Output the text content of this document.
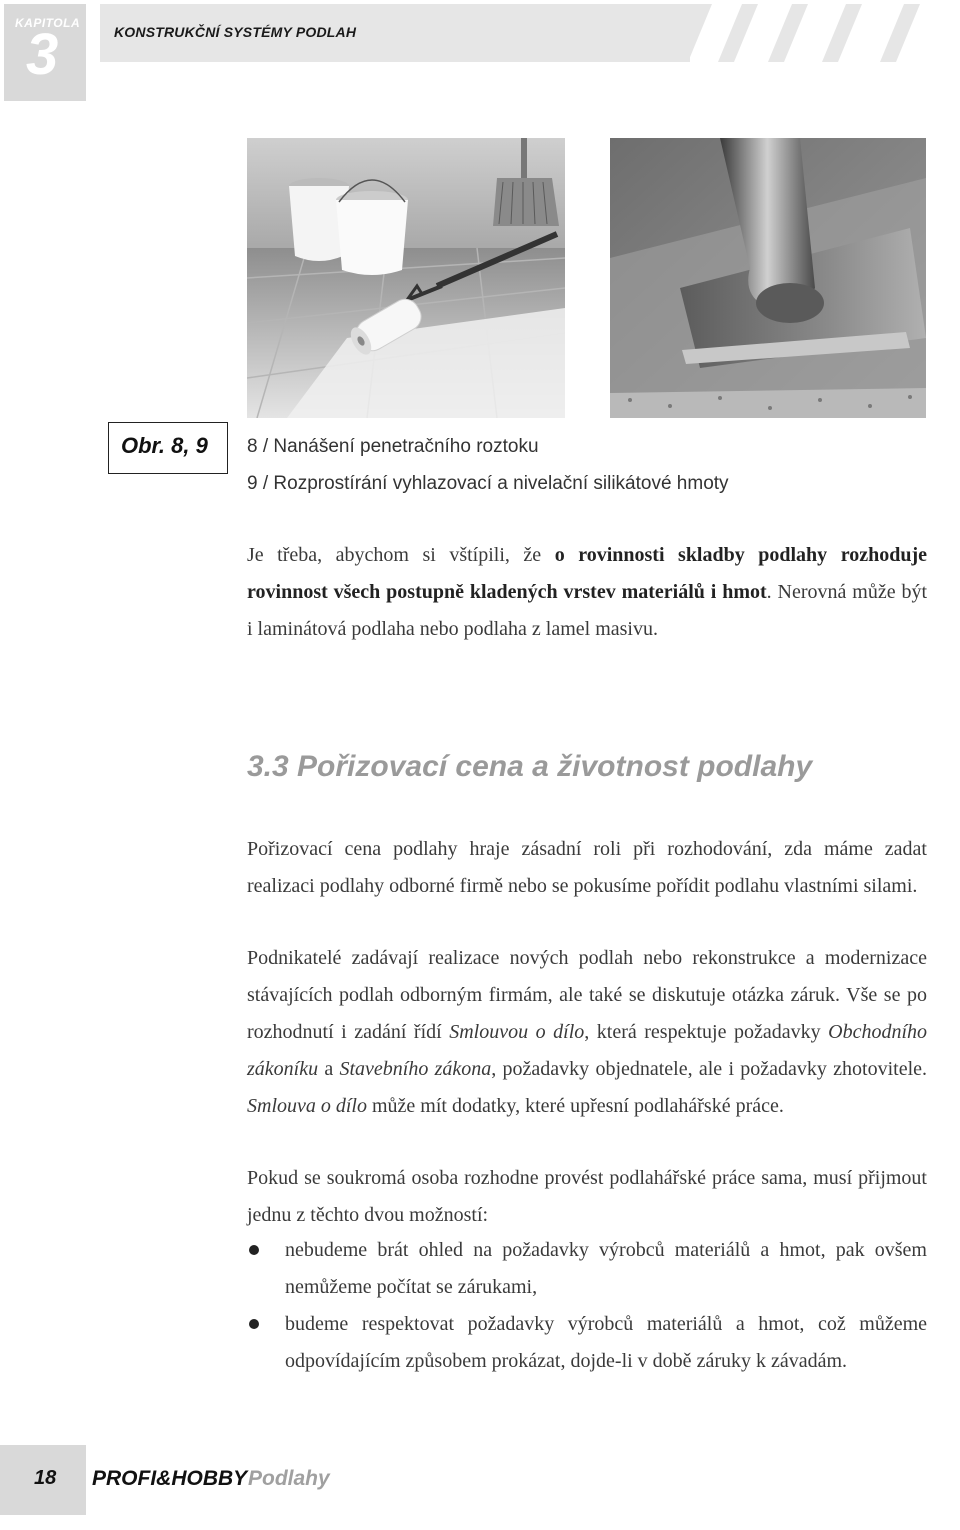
KAPITOLA
3	KONSTRUKČNÍ SYSTÉMY PODLAH
Obr. 8, 9 8 / Nanášení penetračního roztoku
9 / Rozprostírání vyhlazovací a nivelační silikátové hmoty

Je třeba, abychom si vštípili, že o rovinnosti skladby podlahy rozhoduje rovinnost všech postupně kladených vrstev materiálů i hmot. Nerovná může být i laminátová podlaha nebo podlaha z lamel masivu.

3.3 Pořizovací cena a životnost podlahy

Pořizovací cena podlahy hraje zásadní roli při rozhodování, zda máme zadat realizaci podlahy odborné firmě nebo se pokusíme pořídit podlahu vlastními silami.

Podnikatelé zadávají realizace nových podlah nebo rekonstrukce a modernizace stávajících podlah odborným firmám, ale také se diskutuje otázka záruk. Vše se po rozhodnutí i zadání řídí Smlouvou o dílo, která respektuje požadavky Obchodního zákoníku a Stavebního zákona, požadavky objednatele, ale i požadavky zhotovitele. Smlouva o dílo může mít dodatky, které upřesní podlahářské práce.

Pokud se soukromá osoba rozhodne provést podlahářské práce sama, musí přijmout jednu z těchto dvou možností:

nebudeme brát ohled na požadavky výrobců materiálů a hmot, pak ovšem nemůžeme počítat se zárukami,
budeme respektovat požadavky výrobců materiálů a hmot, což můžeme odpovídajícím způsobem prokázat, dojde-li v době záruky k závadám.
18 PROFI&HOBBY Podlahy
